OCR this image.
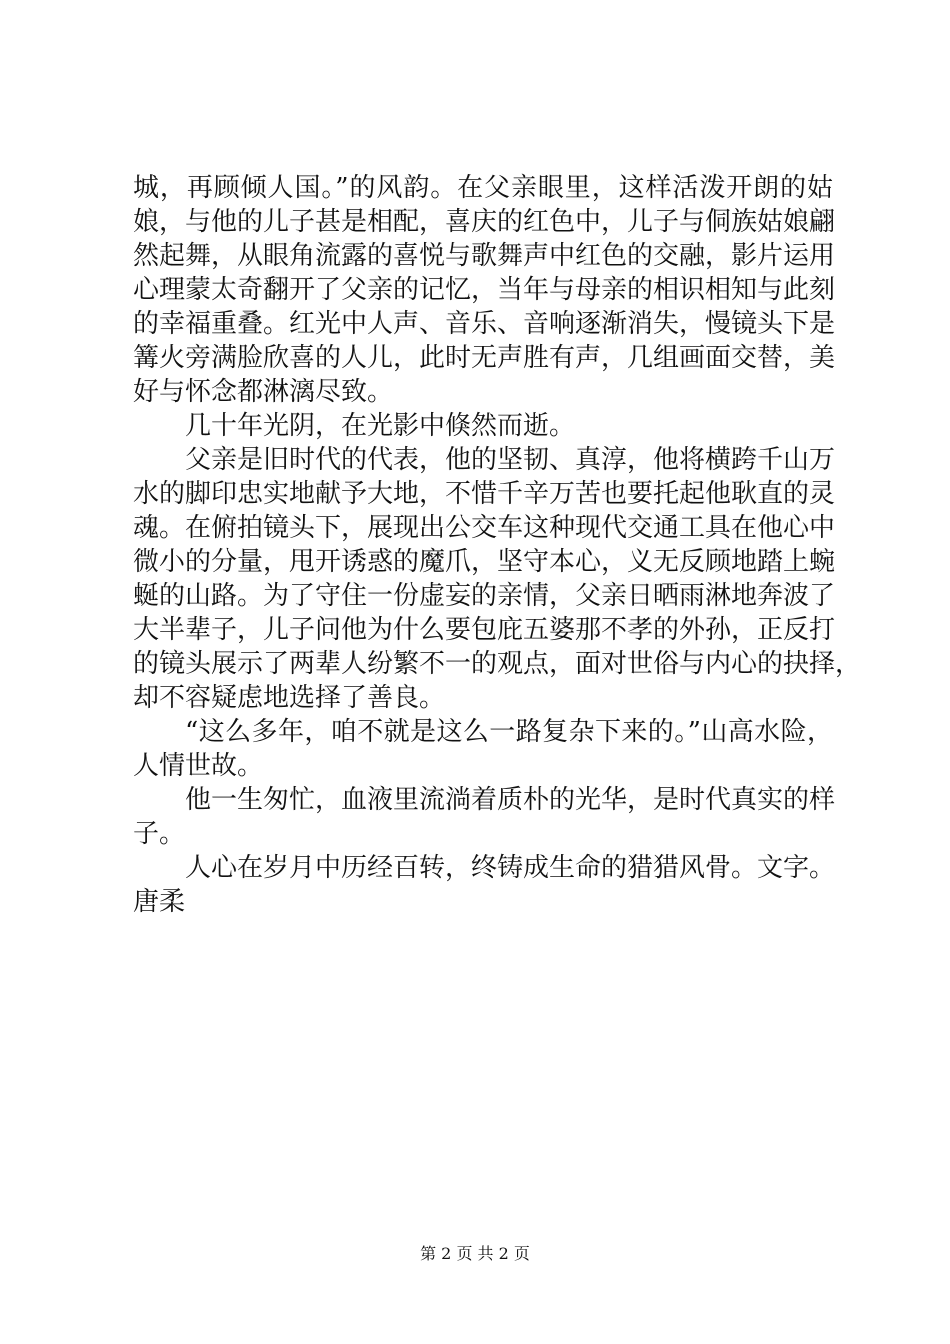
城，再顾倾人国。”的风韵。在父亲眼里，这样活泼开朗的姑
娘，与他的儿子甚是相配，喜庆的红色中，儿子与侗族姑娘翩
然起舞，从眼角流露的喜悦与歌舞声中红色的交融，影片运用
心理蒙太奇翻开了父亲的记忆，当年与母亲的相识相知与此刻
的幸福重叠。红光中人声、音乐、音响逐渐消失，慢镜头下是
篝火旁满脸欣喜的人儿，此时无声胜有声，几组画面交替，美
好与怀念都淋漓尽致。
几十年光阴，在光影中倏然而逝。
父亲是旧时代的代表，他的坚韧、真淳，他将横跨千山万
水的脚印忠实地献予大地，不惜千辛万苦也要托起他耿直的灵
魂。在俯拍镜头下，展现出公交车这种现代交通工具在他心中
微小的分量，甩开诱惑的魔爪，坚守本心，义无反顾地踏上蜿
蜒的山路。为了守住一份虚妄的亲情，父亲日晒雨淋地奔波了
大半辈子，儿子问他为什么要包庇五婆那不孝的外孙，正反打
的镜头展示了两辈人纷繁不一的观点，面对世俗与内心的抉择，
却不容疑虑地选择了善良。
“这么多年，咱不就是这么一路复杂下来的。”山高水险，
人情世故。
他一生匆忙，血液里流淌着质朴的光华，是时代真实的样
子。
人心在岁月中历经百转，终铸成生命的猎猎风骨。文字。
唐柔
第 2 页 共 2 页
